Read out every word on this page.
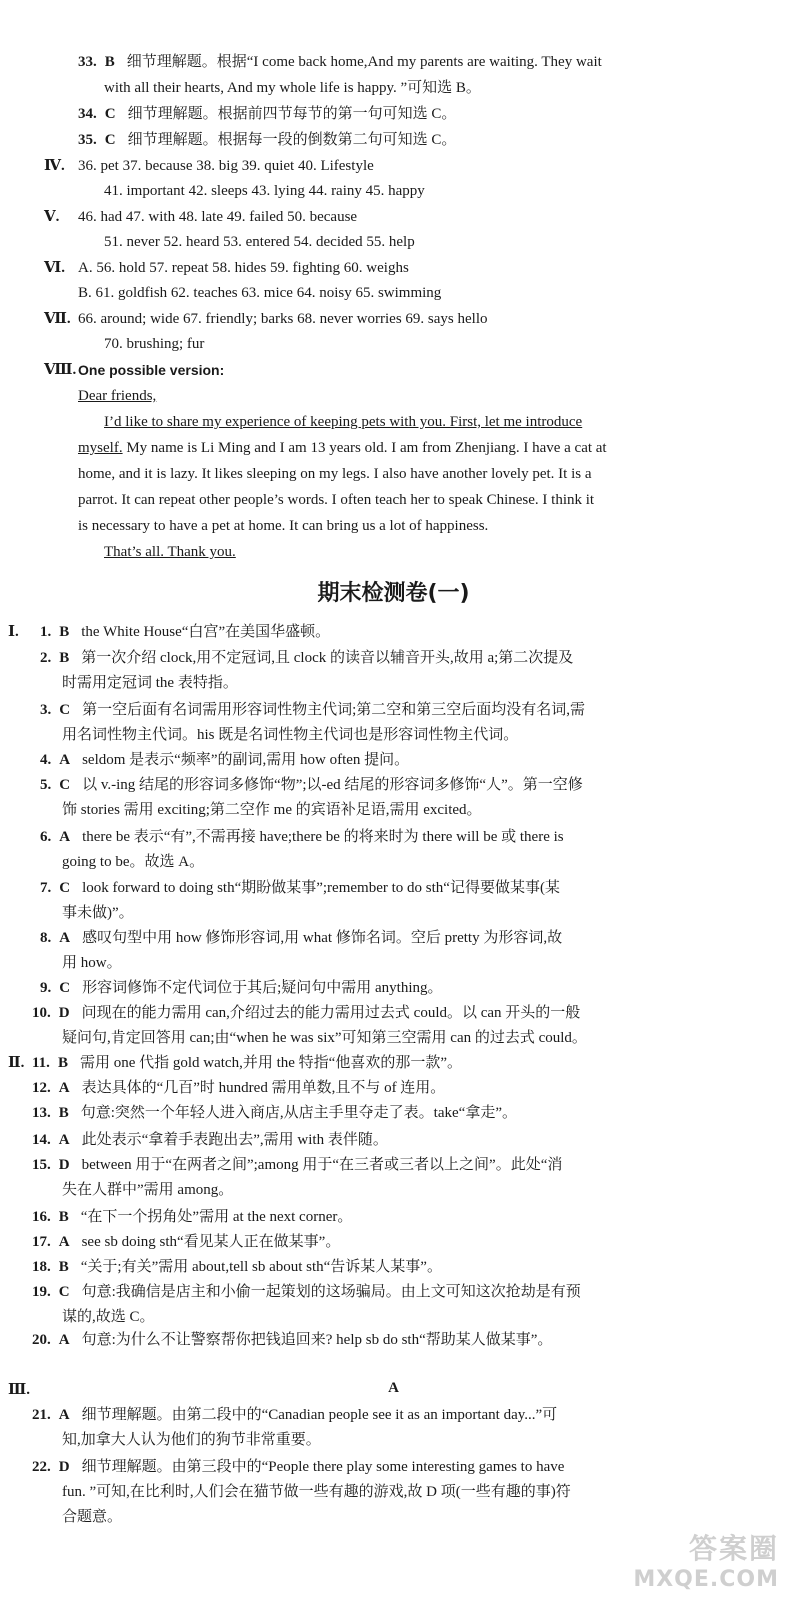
33. B 细节理解题。根据“I come back home,And my parents are waiting. They wait
with all their hearts, And my whole life is happy. ”可知选 B。
34. C 细节理解题。根据前四节每节的第一句可知选 C。
35. C 细节理解题。根据每一段的倒数第二句可知选 C。
Ⅳ. 36. pet 37. because 38. big 39. quiet 40. Lifestyle
41. important 42. sleeps 43. lying 44. rainy 45. happy
Ⅴ. 46. had 47. with 48. late 49. failed 50. because
51. never 52. heard 53. entered 54. decided 55. help
Ⅵ. A. 56. hold 57. repeat 58. hides 59. fighting 60. weighs
B. 61. goldfish 62. teaches 63. mice 64. noisy 65. swimming
Ⅶ. 66. around; wide 67. friendly; barks 68. never worries 69. says hello
70. brushing; fur
Ⅷ. One possible version:
Dear friends,
I’d like to share my experience of keeping pets with you. First, let me introduce
myself. My name is Li Ming and I am 13 years old. I am from Zhenjiang. I have a cat at
home, and it is lazy. It likes sleeping on my legs. I also have another lovely pet. It is a
parrot. It can repeat other people’s words. I often teach her to speak Chinese. I think it
is necessary to have a pet at home. It can bring us a lot of happiness.
That’s all. Thank you.
期末检测卷(一)
Ⅰ.
Ⅱ.
Ⅲ.	A
1. B the White House“白宫”在美国华盛顿。
2. B 第一次介绍 clock,用不定冠词,且 clock 的读音以辅音开头,故用 a;第二次提及
时需用定冠词 the 表特指。
3. C 第一空后面有名词需用形容词性物主代词;第二空和第三空后面均没有名词,需
用名词性物主代词。his 既是名词性物主代词也是形容词性物主代词。
4. A seldom 是表示“频率”的副词,需用 how often 提问。
5. C 以 v.-ing 结尾的形容词多修饰“物”;以-ed 结尾的形容词多修饰“人”。第一空修
饰 stories 需用 exciting;第二空作 me 的宾语补足语,需用 excited。
6. A there be 表示“有”,不需再接 have;there be 的将来时为 there will be 或 there is
going to be。故选 A。
7. C look forward to doing sth“期盼做某事”;remember to do sth“记得要做某事(某
事未做)”。
8. A 感叹句型中用 how 修饰形容词,用 what 修饰名词。空后 pretty 为形容词,故
用 how。
9. C 形容词修饰不定代词位于其后;疑问句中需用 anything。
10. D 问现在的能力需用 can,介绍过去的能力需用过去式 could。以 can 开头的一般
疑问句,肯定回答用 can;由“when he was six”可知第三空需用 can 的过去式 could。
11. B 需用 one 代指 gold watch,并用 the 特指“他喜欢的那一款”。
12. A 表达具体的“几百”时 hundred 需用单数,且不与 of 连用。
13. B 句意:突然一个年轻人进入商店,从店主手里夺走了表。take“拿走”。
14. A 此处表示“拿着手表跑出去”,需用 with 表伴随。
15. D between 用于“在两者之间”;among 用于“在三者或三者以上之间”。此处“消
失在人群中”需用 among。
16. B “在下一个拐角处”需用 at the next corner。
17. A see sb doing sth“看见某人正在做某事”。
18. B “关于;有关”需用 about,tell sb about sth“告诉某人某事”。
19. C 句意:我确信是店主和小偷一起策划的这场骗局。由上文可知这次抢劫是有预
谋的,故选 C。
20. A 句意:为什么不让警察帮你把钱追回来? help sb do sth“帮助某人做某事”。
21. A 细节理解题。由第二段中的“Canadian people see it as an important day...”可
知,加拿大人认为他们的狗节非常重要。
22. D 细节理解题。由第三段中的“People there play some interesting games to have
fun. ”可知,在比利时,人们会在猫节做一些有趣的游戏,故 D 项(一些有趣的事)符
合题意。
答案圈
MXQE.COM
